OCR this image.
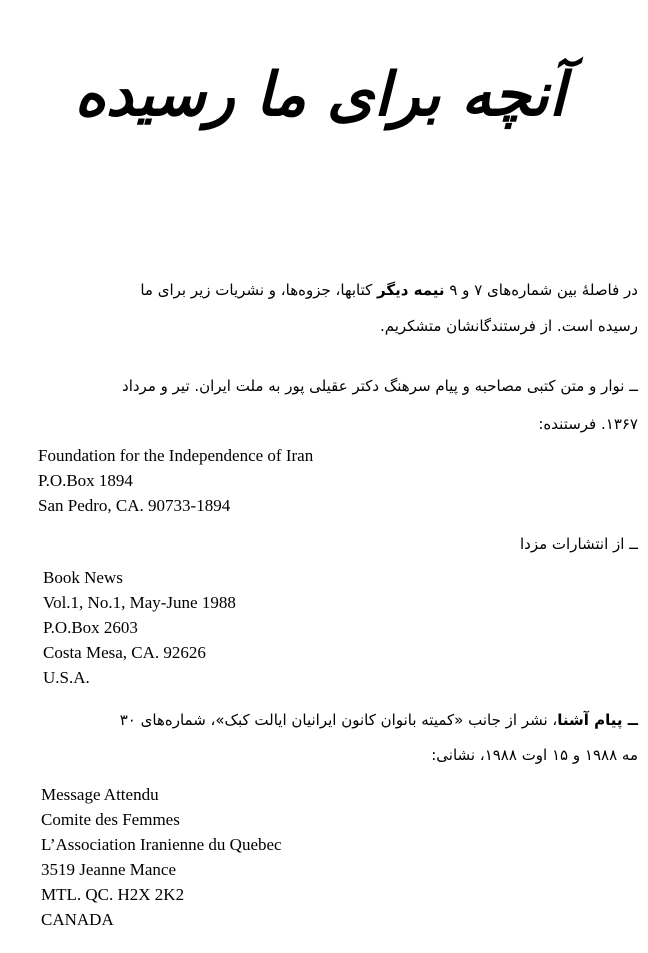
آنچه برای ما رسیده
در فاصلهٔ بین شماره‌های ۷ و ۹ نیمه دیگر کتابها، جزوه‌ها، و نشریات زیر برای ما
رسیده است. از فرستندگانشان متشکریم.
ــ نوار و متن کتبی مصاحبه و پیام سرهنگ دکتر عقیلی پور به ملت ایران. تیر و مرداد
۱۳۶۷. فرستنده:
Foundation for the Independence of Iran
P.O.Box 1894
San Pedro, CA. 90733-1894
ــ از انتشارات مزدا
Book News
Vol.1, No.1, May-June 1988
P.O.Box 2603
Costa Mesa, CA. 92626
U.S.A.
ــ پیام آشنا، نشر از جانب «کمیته بانوان کانون ایرانیان ایالت کبک»، شماره‌های ۳۰
مه ۱۹۸۸ و ۱۵ اوت ۱۹۸۸، نشانی:
Message Attendu
Comite des Femmes
L’Association Iranienne du Quebec
3519 Jeanne Mance
MTL. QC. H2X 2K2
CANADA
